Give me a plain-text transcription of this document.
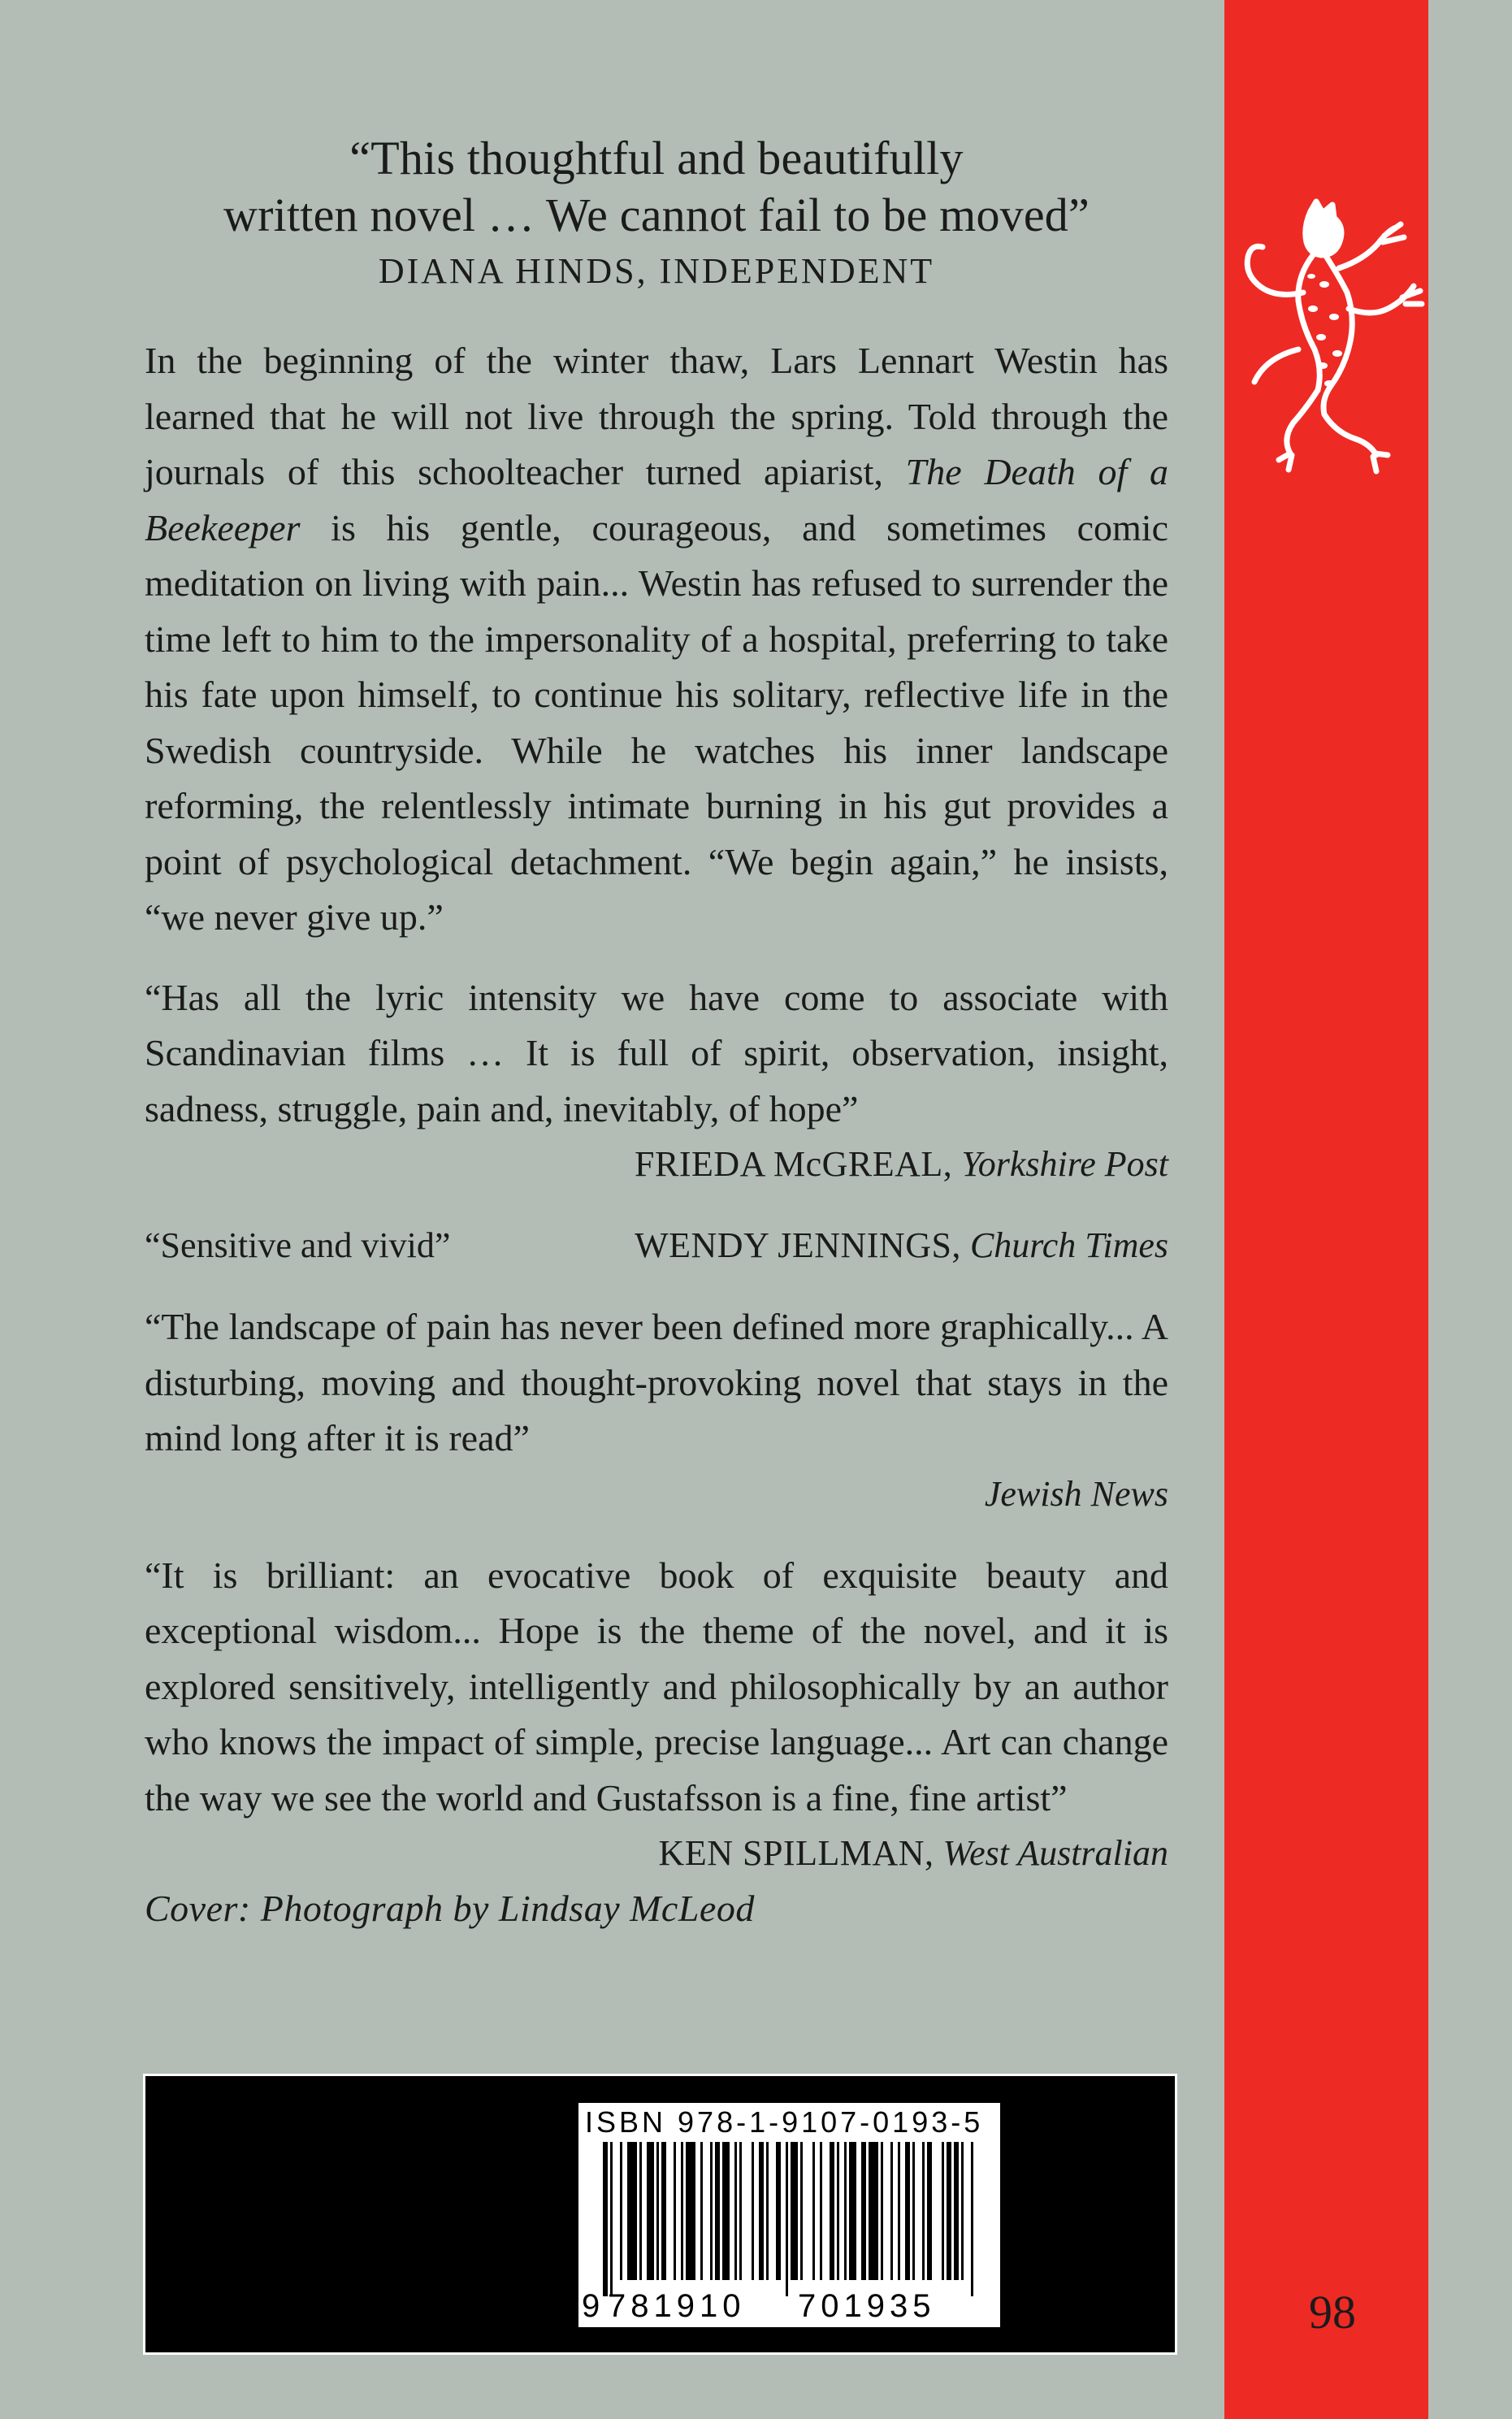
“This thoughtful and beautifully
written novel … We cannot fail to be moved”
DIANA HINDS, INDEPENDENT
In the beginning of the winter thaw, Lars Lennart Westin has learned that he will not live through the spring. Told through the journals of this schoolteacher turned apiarist, The Death of a Beekeeper is his gentle, courageous, and sometimes comic meditation on living with pain... Westin has refused to surrender the time left to him to the impersonality of a hospital, preferring to take his fate upon himself, to continue his solitary, reflective life in the Swedish countryside. While he watches his inner landscape reforming, the relentlessly intimate burning in his gut provides a point of psychological detachment. “We begin again,” he insists, “we never give up.”
“Has all the lyric intensity we have come to associate with Scandinavian films … It is full of spirit, observation, insight, sadness, struggle, pain and, inevitably, of hope”
FRIEDA McGREAL, Yorkshire Post
“Sensitive and vivid”	WENDY JENNINGS, Church Times
“The landscape of pain has never been defined more graphically... A disturbing, moving and thought-provoking novel that stays in the mind long after it is read”
Jewish News
“It is brilliant: an evocative book of exquisite beauty and exceptional wisdom... Hope is the theme of the novel, and it is explored sensitively, intelligently and philosophically by an author who knows the impact of simple, precise language... Art can change the way we see the world and Gustafsson is a fine, fine artist”
KEN SPILLMAN, West Australian
Cover: Photograph by Lindsay McLeod
ISBN 978-1-9107-0193-5
9 781910 701935	98
